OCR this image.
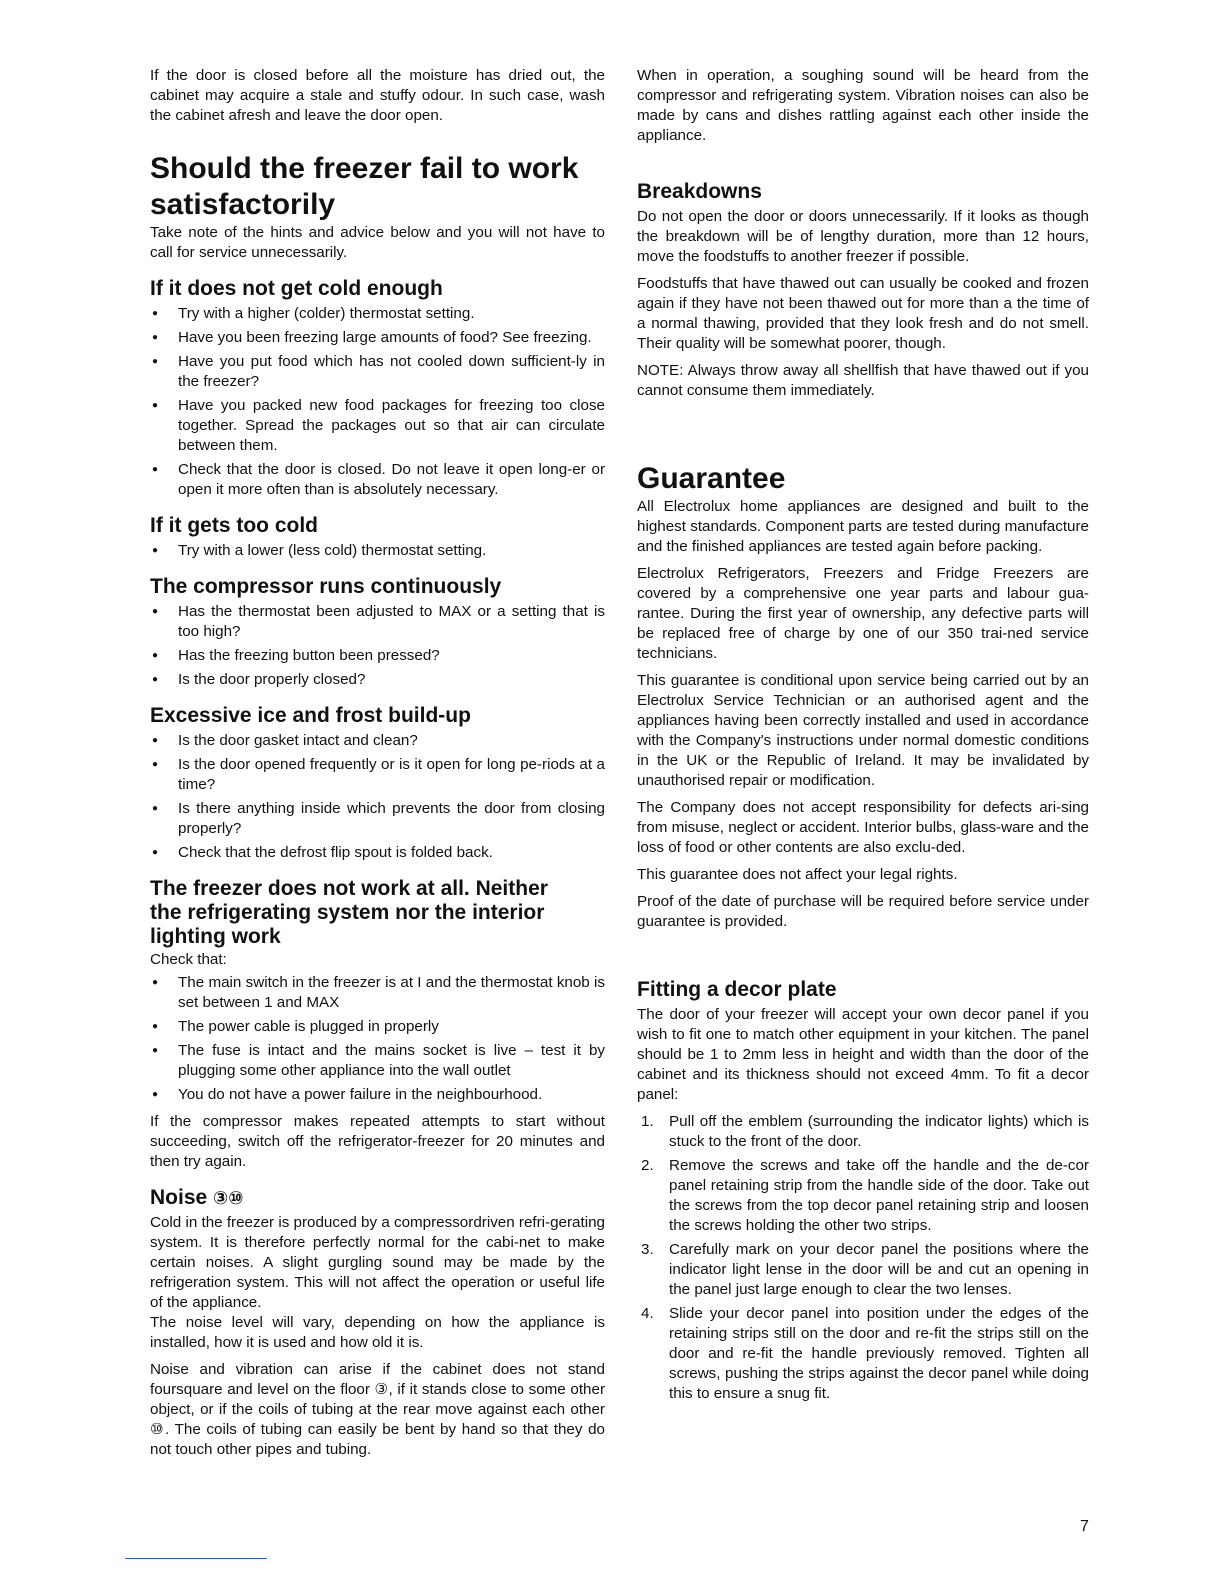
If the door is closed before all the moisture has dried out, the cabinet may acquire a stale and stuffy odour. In such case, wash the cabinet afresh and leave the door open.

Should the freezer fail to work
satisfactorily

Take note of the hints and advice below and you will not have to call for service unnecessarily.

If it does not get cold enough
● Try with a higher (colder) thermostat setting.
● Have you been freezing large amounts of food? See freezing.
● Have you put food which has not cooled down sufficient-ly in the freezer?
● Have you packed new food packages for freezing too close together. Spread the packages out so that air can circulate between them.
● Check that the door is closed. Do not leave it open long-er or open it more often than is absolutely necessary.
If it gets too cold
● Try with a lower (less cold) thermostat setting.
The compressor runs continuously
● Has the thermostat been adjusted to MAX or a setting that is too high?
● Has the freezing button been pressed?
● Is the door properly closed?
Excessive ice and frost build-up
● Is the door gasket intact and clean?
● Is the door opened frequently or is it open for long pe-riods at a time?
● Is there anything inside which prevents the door from closing properly?
● Check that the defrost flip spout is folded back.
The freezer does not work at all. Neither
the refrigerating system nor the interior
lighting work

Check that:

● The main switch in the freezer is at I and the thermostat knob is set between 1 and MAX
● The power cable is plugged in properly
● The fuse is intact and the mains socket is live – test it by plugging some other appliance into the wall outlet
● You do not have a power failure in the neighbourhood.

If the compressor makes repeated attempts to start without succeeding, switch off the refrigerator-freezer for 20 minutes and then try again.

Noise ③⑩

Cold in the freezer is produced by a compressordriven refri-gerating system. It is therefore perfectly normal for the cabi-net to make certain noises. A slight gurgling sound may be made by the refrigeration system. This will not affect the operation or useful life of the appliance.
The noise level will vary, depending on how the appliance is installed, how it is used and how old it is.

Noise and vibration can arise if the cabinet does not stand foursquare and level on the floor ③, if it stands close to some other object, or if the coils of tubing at the rear move against each other ⑩. The coils of tubing can easily be bent by hand so that they do not touch other pipes and tubing.

When in operation, a soughing sound will be heard from the compressor and refrigerating system. Vibration noises can also be made by cans and dishes rattling against each other inside the appliance.

Breakdowns

Do not open the door or doors unnecessarily. If it looks as though the breakdown will be of lengthy duration, more than 12 hours, move the foodstuffs to another freezer if possible.

Foodstuffs that have thawed out can usually be cooked and frozen again if they have not been thawed out for more than a the time of a normal thawing, provided that they look fresh and do not smell. Their quality will be somewhat poorer, though.

NOTE: Always throw away all shellfish that have thawed out if you cannot consume them immediately.

Guarantee

All Electrolux home appliances are designed and built to the highest standards. Component parts are tested during manufacture and the finished appliances are tested again before packing.

Electrolux Refrigerators, Freezers and Fridge Freezers are covered by a comprehensive one year parts and labour gua-rantee. During the first year of ownership, any defective parts will be replaced free of charge by one of our 350 trai-ned service technicians.

This guarantee is conditional upon service being carried out by an Electrolux Service Technician or an authorised agent and the appliances having been correctly installed and used in accordance with the Company's instructions under normal domestic conditions in the UK or the Republic of Ireland. It may be invalidated by unauthorised repair or modification.

The Company does not accept responsibility for defects ari-sing from misuse, neglect or accident. Interior bulbs, glass-ware and the loss of food or other contents are also exclu-ded.

This guarantee does not affect your legal rights.

Proof of the date of purchase will be required before service under guarantee is provided.

Fitting a decor plate

The door of your freezer will accept your own decor panel if you wish to fit one to match other equipment in your kitchen. The panel should be 1 to 2mm less in height and width than the door of the cabinet and its thickness should not exceed 4mm. To fit a decor panel:

1. Pull off the emblem (surrounding the indicator lights) which is stuck to the front of the door.
2. Remove the screws and take off the handle and the de-cor panel retaining strip from the handle side of the door. Take out the screws from the top decor panel retaining strip and loosen the screws holding the other two strips.
3. Carefully mark on your decor panel the positions where the indicator light lense in the door will be and cut an opening in the panel just large enough to clear the two lenses.
4. Slide your decor panel into position under the edges of the retaining strips still on the door and re-fit the strips still on the door and re-fit the handle previously removed. Tighten all screws, pushing the strips against the decor panel while doing this to ensure a snug fit.
7
